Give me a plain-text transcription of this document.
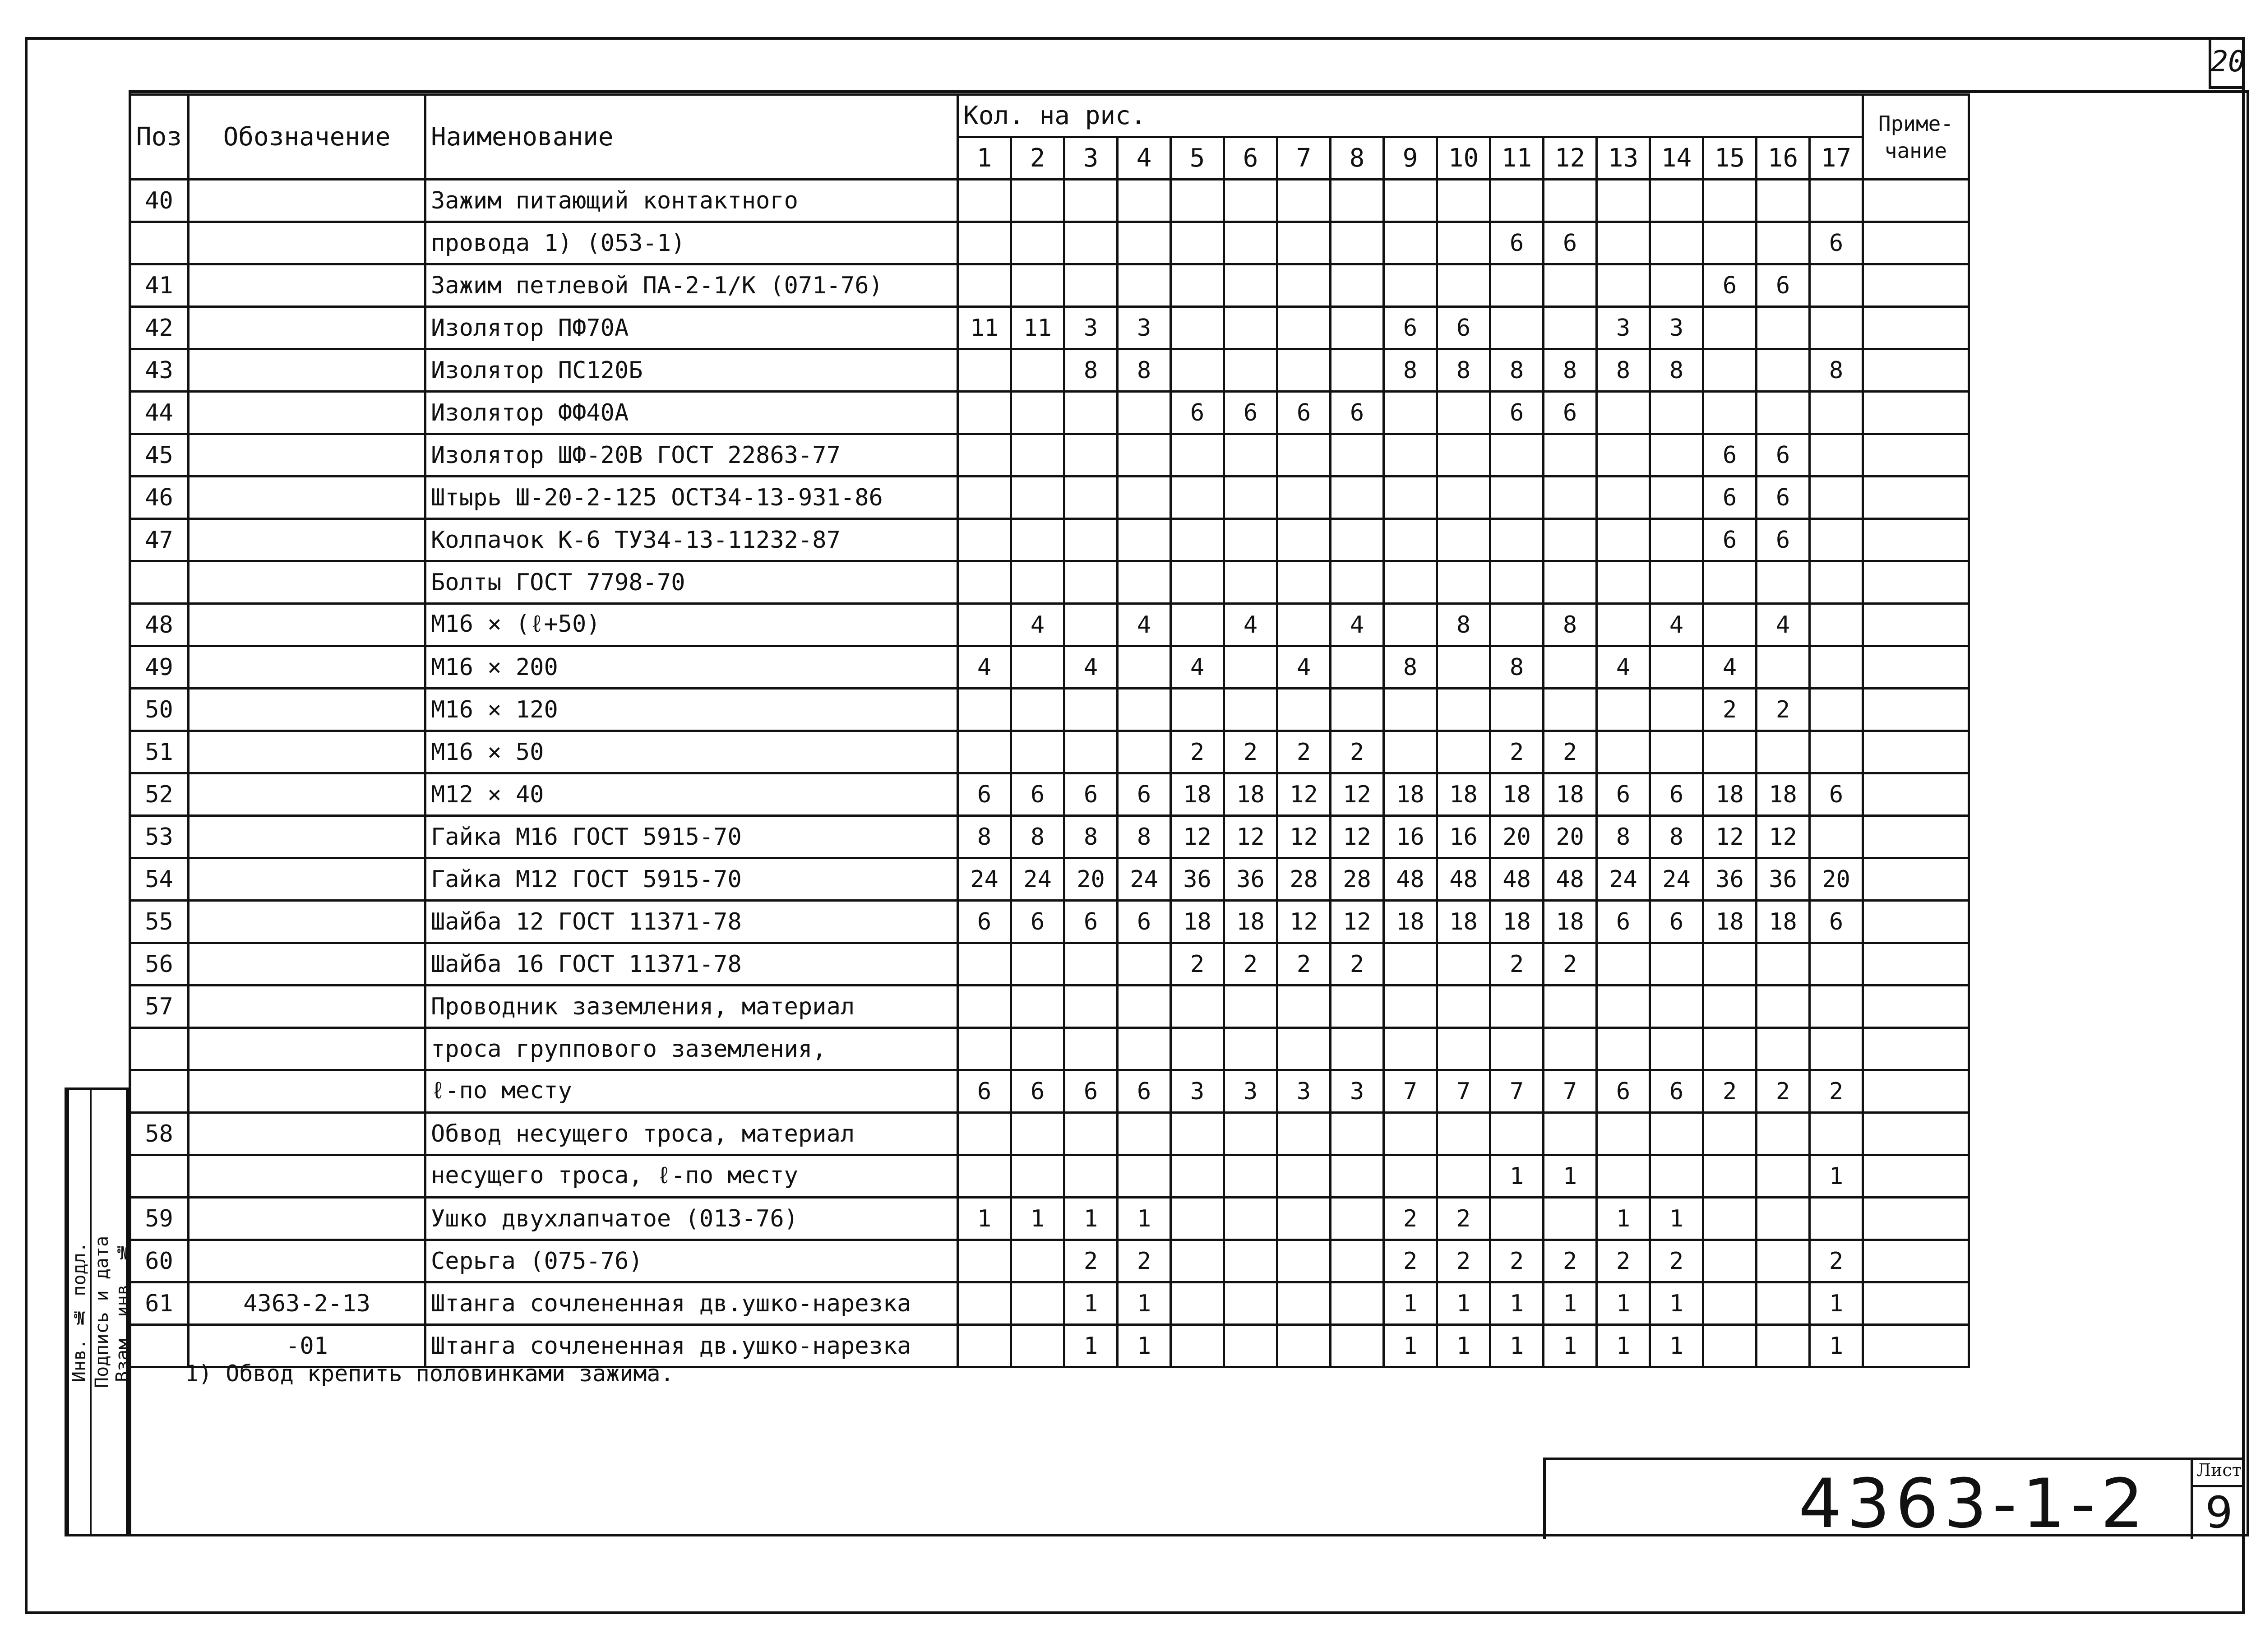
20
Поз	Обозначение	Наименование	Кол. на рис.																	Приме- чание
			1	2	3	4	5	6	7	8	9	10	11	12	13	14	15	16	17	
40		Зажим питающий контактного																		
		провода 1) (053-1)											6	6					6	
41		Зажим петлевой ПА-2-1/К (071-76)															6	6		
42		Изолятор ПФ70А	11	11	3	3					6	6			3	3				
43		Изолятор ПС120Б			8	8					8	8	8	8	8	8			8	
44		Изолятор ФФ40А					6	6	6	6			6	6						
45		Изолятор ШФ-20В ГОСТ 22863-77															6	6		
46		Штырь Ш-20-2-125 ОСТ34-13-931-86															6	6		
47		Колпачок К-6 ТУ34-13-11232-87															6	6		
		Болты ГОСТ 7798-70																		
48		М16 × (ℓ+50)		4		4		4		4		8		8		4		4		
49		М16 × 200	4		4		4		4		8		8		4		4			
50		М16 × 120															2	2		
51		М16 × 50					2	2	2	2			2	2						
52		М12 × 40	6	6	6	6	18	18	12	12	18	18	18	18	6	6	18	18	6	
53		Гайка М16 ГОСТ 5915-70	8	8	8	8	12	12	12	12	16	16	20	20	8	8	12	12		
54		Гайка М12 ГОСТ 5915-70	24	24	20	24	36	36	28	28	48	48	48	48	24	24	36	36	20	
55		Шайба 12 ГОСТ 11371-78	6	6	6	6	18	18	12	12	18	18	18	18	6	6	18	18	6	
56		Шайба 16 ГОСТ 11371-78					2	2	2	2			2	2						
57		Проводник заземления, материал																		
		троса группового заземления,																		
		ℓ-по месту	6	6	6	6	3	3	3	3	7	7	7	7	6	6	2	2	2	
58		Обвод несущего троса, материал																		
		несущего троса, ℓ-по месту											1	1					1	
59		Ушко двухлапчатое (013-76)	1	1	1	1					2	2			1	1				
60		Серьга (075-76)			2	2					2	2	2	2	2	2			2	
61	4363-2-13	Штанга сочлененная дв.ушко-нарезка			1	1					1	1	1	1	1	1			1	
	-01	Штанга сочлененная дв.ушко-нарезка			1	1					1	1	1	1	1	1			1	
1) Обвод крепить половинками зажима.
Инв. № подл. Подпись и дата Взам. инв. №
4363-1-2	Лист
9
